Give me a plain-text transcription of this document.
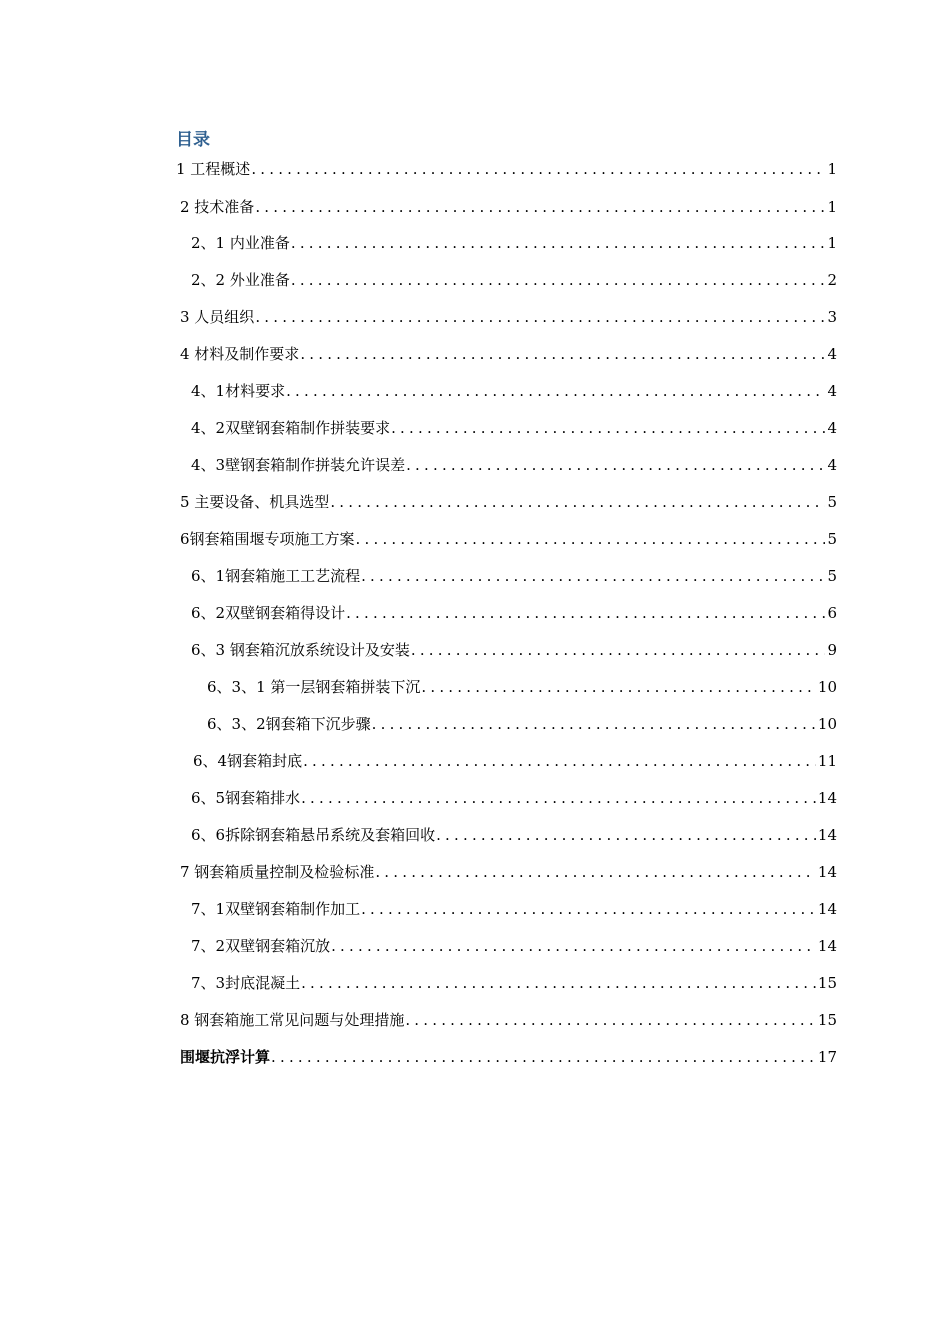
目录
1 工程概述 .....	1
2 技术准备 .....	1
2、1 内业准备 .....	1
2、2 外业准备 .....	2
3 人员组织 .....	3
4 材料及制作要求 .....	4
4、1材料要求 .....	4
4、2双壁钢套箱制作拼装要求 .....	4
4、3壁钢套箱制作拼装允许误差 .....	4
5 主要设备、机具选型 .....	5
6钢套箱围堰专项施工方案 .....	5
6、1钢套箱施工工艺流程 .....	5
6、2双壁钢套箱得设计 .....	6
6、3 钢套箱沉放系统设计及安装 .....	9
6、3、1 第一层钢套箱拼装下沉 .....	10
6、3、2钢套箱下沉步骤 .....	10
6、4钢套箱封底 .....	11
6、5钢套箱排水 .....	14
6、6拆除钢套箱悬吊系统及套箱回收 .....	14
7 钢套箱质量控制及检验标准 .....	14
7、1双壁钢套箱制作加工 .....	14
7、2双壁钢套箱沉放 .....	14
7、3封底混凝土 .....	15
8 钢套箱施工常见问题与处理措施 .....	15
围堰抗浮计算 .....	17
